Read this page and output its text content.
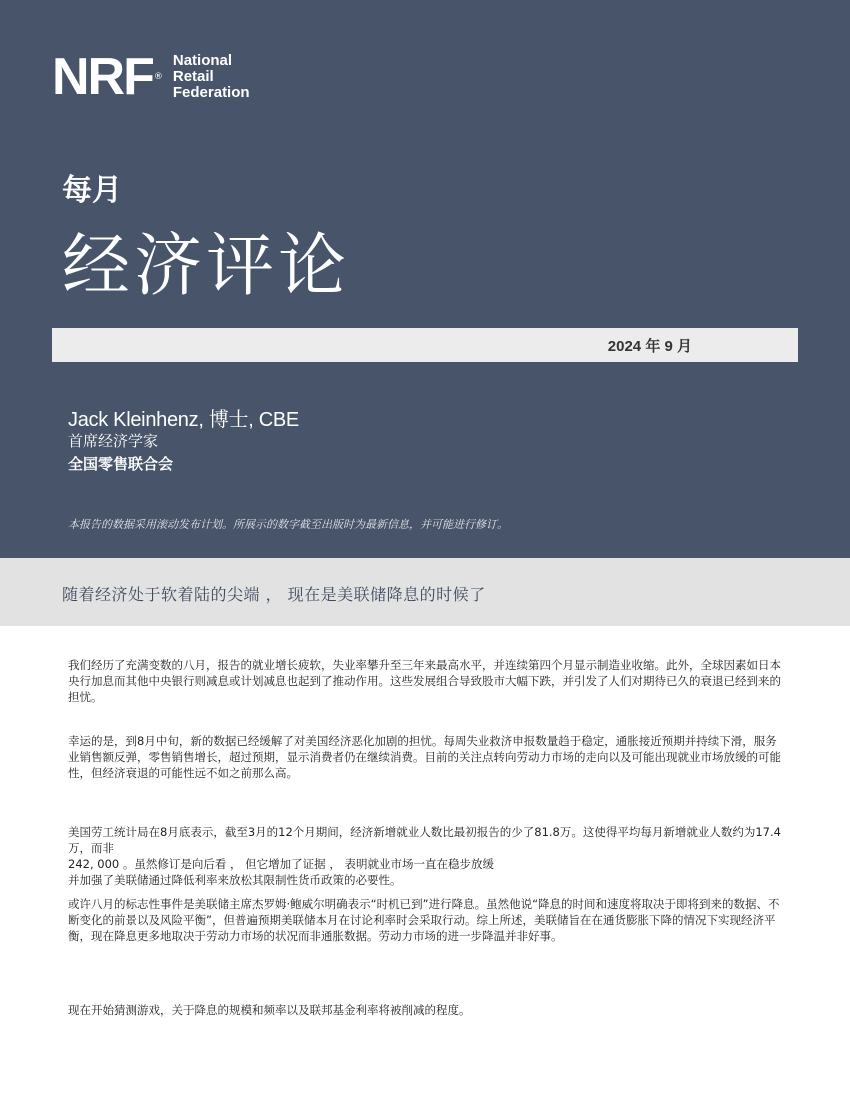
NRF ®
National
Retail
Federation
每月
经济评论
2024 年 9 月
Jack Kleinhenz, 博士, CBE
首席经济学家
全国零售联合会
本报告的数据采用滚动发布计划。所展示的数字截至出版时为最新信息，并可能进行修订。
随着经济处于软着陆的尖端 ， 现在是美联储降息的时候了

我们经历了充满变数的八月，报告的就业增长疲软，失业率攀升至三年来最高水平，并连续第四个月显示制造业收缩。此外，全球因素如日本央行加息而其他中央银行则减息或计划减息也起到了推动作用。这些发展组合导致股市大幅下跌，并引发了人们对期待已久的衰退已经到来的担忧。

幸运的是，到8月中旬，新的数据已经缓解了对美国经济恶化加剧的担忧。每周失业救济申报数量趋于稳定，通胀接近预期并持续下滑，服务业销售额反弹，零售销售增长，超过预期，显示消费者仍在继续消费。目前的关注点转向劳动力市场的走向以及可能出现就业市场放缓的可能性，但经济衰退的可能性远不如之前那么高。

美国劳工统计局在8月底表示，截至3月的12个月期间，经济新增就业人数比最初报告的少了81.8万。这使得平均每月新增就业人数约为17.4万，而非
242, 000 。虽然修订是向后看 ， 但它增加了证据 ， 表明就业市场一直在稳步放缓
并加强了美联储通过降低利率来放松其限制性货币政策的必要性。

或许八月的标志性事件是美联储主席杰罗姆·鲍威尔明确表示“时机已到”进行降息。虽然他说“降息的时间和速度将取决于即将到来的数据、不断变化的前景以及风险平衡”，但普遍预期美联储本月在讨论利率时会采取行动。综上所述，美联储旨在在通货膨胀下降的情况下实现经济平衡，现在降息更多地取决于劳动力市场的状况而非通胀数据。劳动力市场的进一步降温并非好事。

现在开始猜测游戏，关于降息的规模和频率以及联邦基金利率将被削减的程度。
